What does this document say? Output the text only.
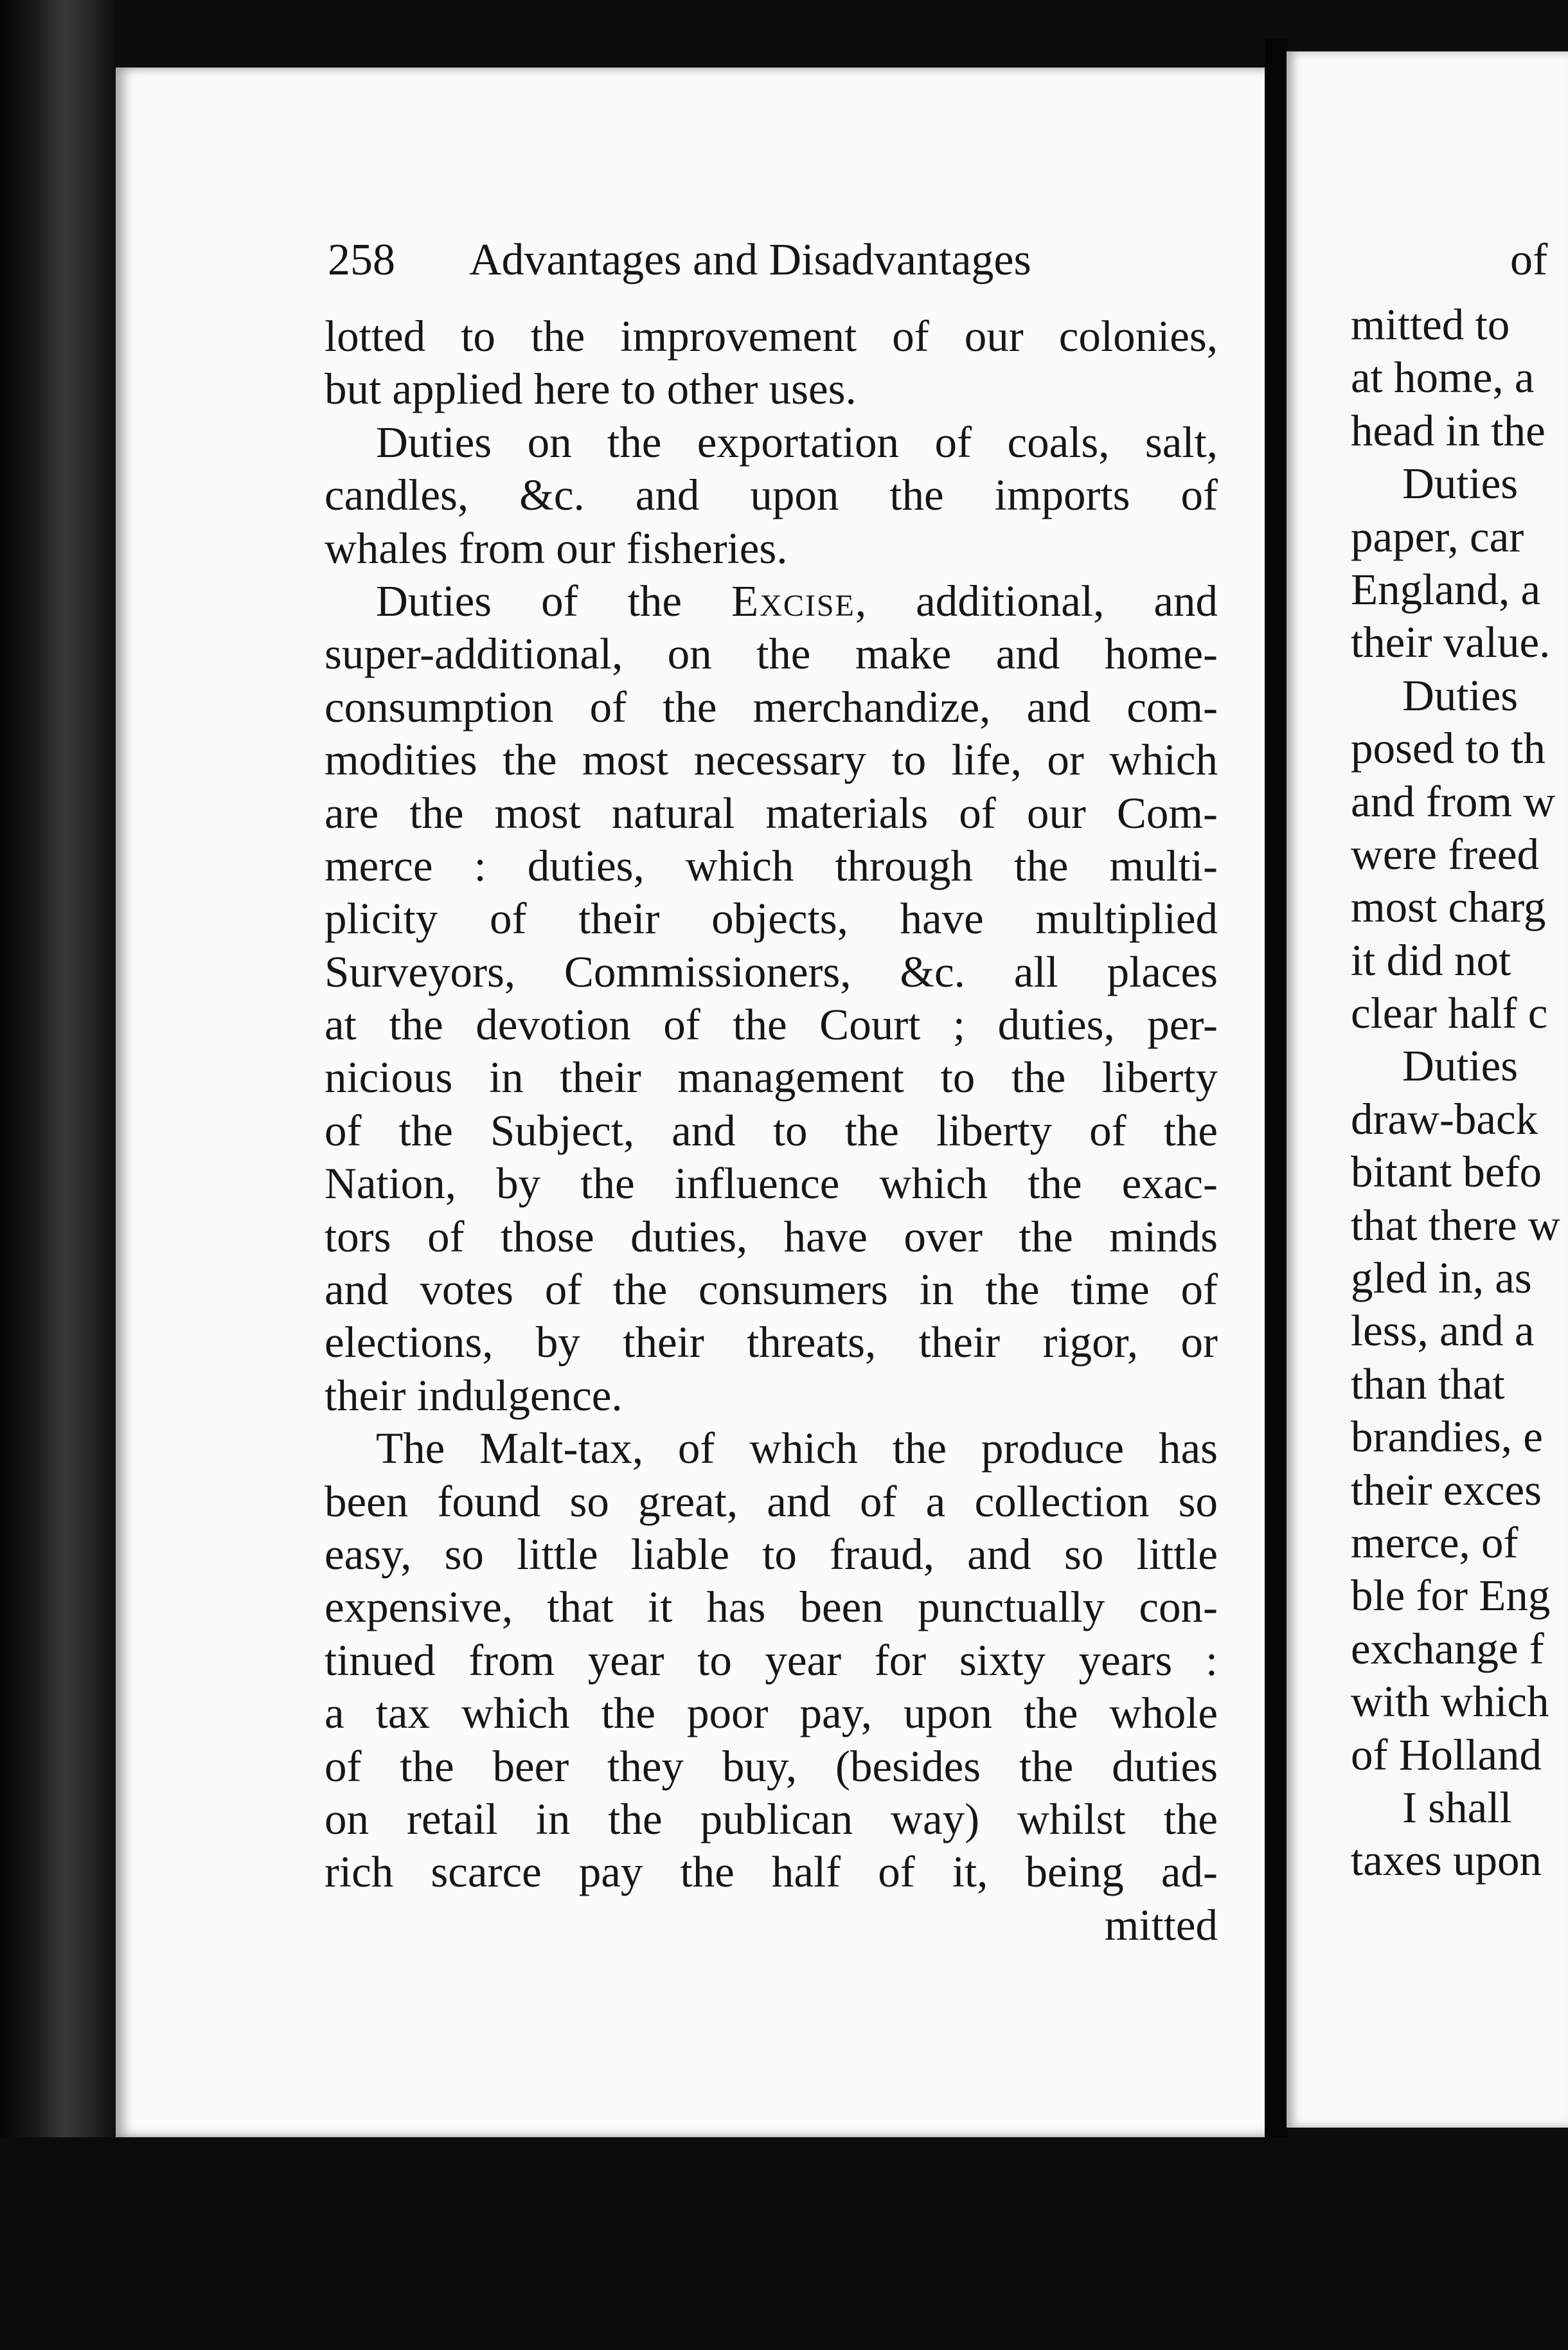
258 Advantages and Disadvantages
lotted to the improvement of our colonies,
but applied here to other uses.
Duties on the exportation of coals, salt,
candles, &c. and upon the imports of
whales from our fisheries.
Duties of the Excise, additional, and
super-additional, on the make and home-
consumption of the merchandize, and com-
modities the most necessary to life, or which
are the most natural materials of our Com-
merce : duties, which through the multi-
plicity of their objects, have multiplied
Surveyors, Commissioners, &c. all places
at the devotion of the Court ; duties, per-
nicious in their management to the liberty
of the Subject, and to the liberty of the
Nation, by the influence which the exac-
tors of those duties, have over the minds
and votes of the consumers in the time of
elections, by their threats, their rigor, or
their indulgence.
The Malt-tax, of which the produce has
been found so great, and of a collection so
easy, so little liable to fraud, and so little
expensive, that it has been punctually con-
tinued from year to year for sixty years :
a tax which the poor pay, upon the whole
of the beer they buy, (besides the duties
on retail in the publican way) whilst the
rich scarce pay the half of it, being ad-
mitted
of
mitted to
at home, a
head in the
Duties
paper, car
England, a
their value.
Duties
posed to th
and from w
were freed
most charg
it did not
clear half c
Duties
draw-back
bitant befo
that there w
gled in, as
less, and a
than that
brandies, e
their exces
merce, of
ble for Eng
exchange f
with which
of Holland
I shall
taxes upon
